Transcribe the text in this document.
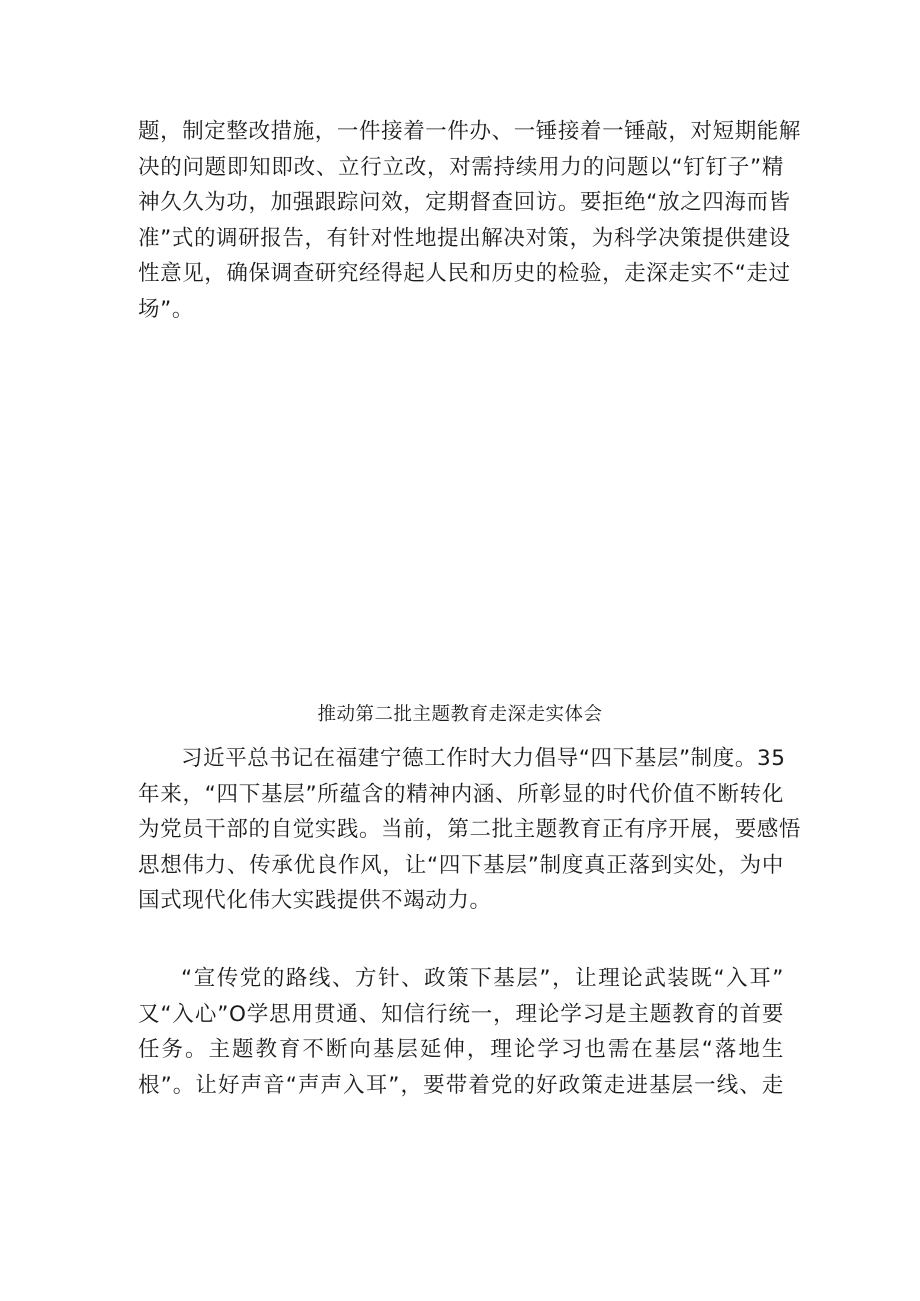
题，制定整改措施，一件接着一件办、一锤接着一锤敲，对短期能解
决的问题即知即改、立行立改，对需持续用力的问题以“钉钉子”精
神久久为功，加强跟踪问效，定期督查回访。要拒绝“放之四海而皆
准”式的调研报告，有针对性地提出解决对策，为科学决策提供建设
性意见，确保调查研究经得起人民和历史的检验，走深走实不“走过
场”。

推动第二批主题教育走深走实体会

习近平总书记在福建宁德工作时大力倡导“四下基层”制度。35
年来，“四下基层”所蕴含的精神内涵、所彰显的时代价值不断转化
为党员干部的自觉实践。当前，第二批主题教育正有序开展，要感悟
思想伟力、传承优良作风，让“四下基层”制度真正落到实处，为中
国式现代化伟大实践提供不竭动力。

“宣传党的路线、方针、政策下基层”，让理论武装既“入耳”
又“入心”O学思用贯通、知信行统一，理论学习是主题教育的首要
任务。主题教育不断向基层延伸，理论学习也需在基层“落地生
根”。让好声音“声声入耳”，要带着党的好政策走进基层一线、走
